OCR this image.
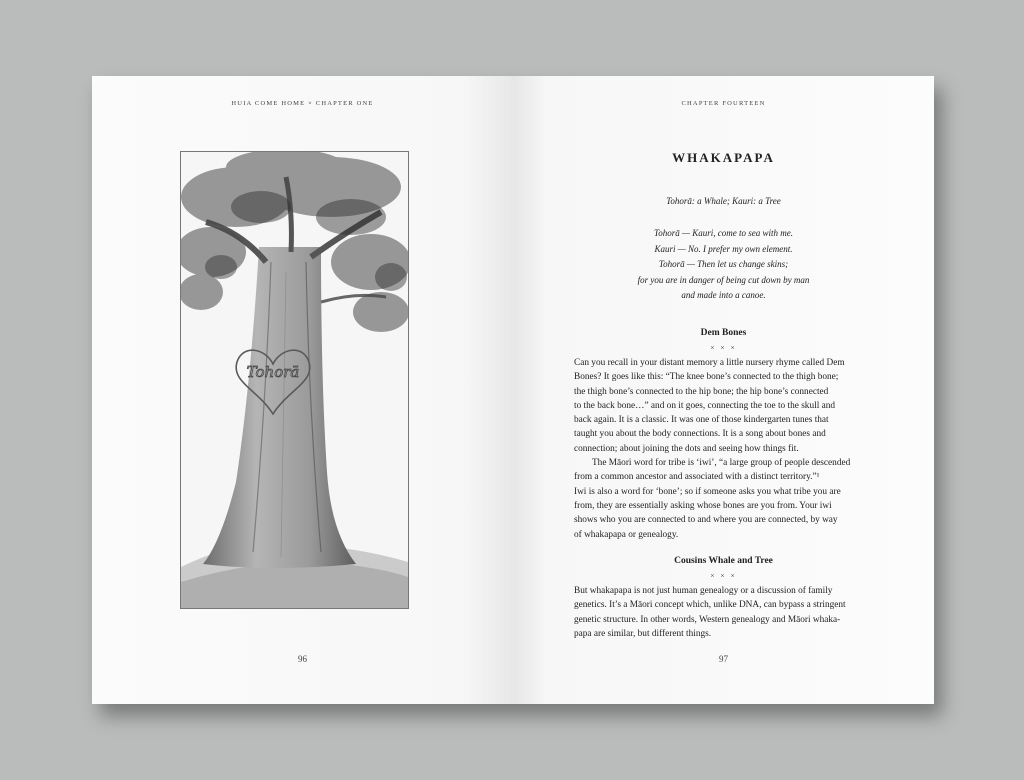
HUIA COME HOME × CHAPTER ONE
Tohorā
96
CHAPTER FOURTEEN
WHAKAPAPA
Tohorā: a Whale; Kauri: a Tree
Tohorā — Kauri, come to sea with me.
Kauri — No. I prefer my own element.
Tohorā — Then let us change skins;
for you are in danger of being cut down by man
and made into a canoe.
Dem Bones
× × ×
Can you recall in your distant memory a little nursery rhyme called Dem
Bones? It goes like this: “The knee bone’s connected to the thigh bone;
the thigh bone’s connected to the hip bone; the hip bone’s connected
to the back bone…” and on it goes, connecting the toe to the skull and
back again. It is a classic. It was one of those kindergarten tunes that
taught you about the body connections. It is a song about bones and
connection; about joining the dots and seeing how things fit.
The Māori word for tribe is ‘iwi’, “a large group of people descended
from a common ancestor and associated with a distinct territory.”¹
Iwi is also a word for ‘bone’; so if someone asks you what tribe you are
from, they are essentially asking whose bones are you from. Your iwi
shows who you are connected to and where you are connected, by way
of whakapapa or genealogy.
Cousins Whale and Tree
× × ×
But whakapapa is not just human genealogy or a discussion of family
genetics. It’s a Māori concept which, unlike DNA, can bypass a stringent
genetic structure. In other words, Western genealogy and Māori whaka-
papa are similar, but different things.
97
